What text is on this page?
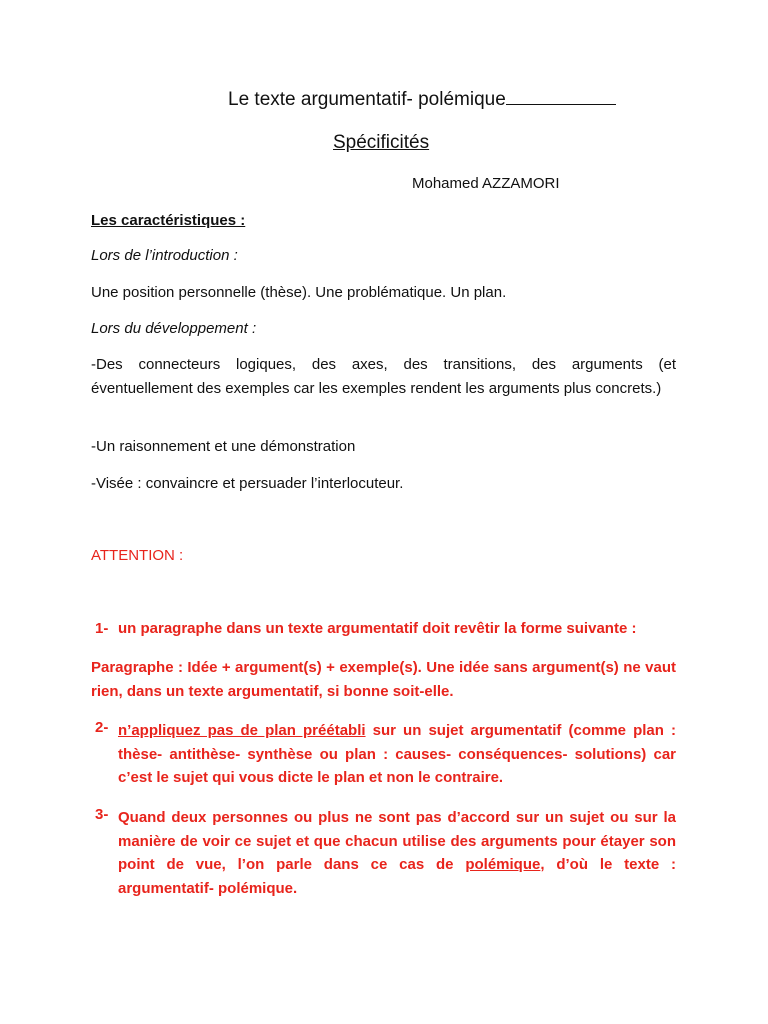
Le texte argumentatif- polémique
Spécificités
Mohamed AZZAMORI
Les caractéristiques :
Lors de l’introduction :
Une position personnelle (thèse). Une problématique. Un plan.
Lors du développement :
-Des connecteurs logiques, des axes, des transitions, des arguments (et éventuellement des exemples car les exemples rendent les arguments plus concrets.)
-Un raisonnement et une démonstration
-Visée : convaincre et persuader l’interlocuteur.
ATTENTION :
1- un paragraphe dans un texte argumentatif doit revêtir la forme suivante :
Paragraphe : Idée + argument(s) + exemple(s). Une idée sans argument(s) ne vaut rien, dans un texte argumentatif, si bonne soit-elle.
2- n’appliquez pas de plan préétabli sur un sujet argumentatif (comme plan : thèse- antithèse- synthèse ou plan : causes- conséquences- solutions) car c’est le sujet qui vous dicte le plan et non le contraire.
3- Quand deux personnes ou plus ne sont pas d’accord sur un sujet ou sur la manière de voir ce sujet et que chacun utilise des arguments pour étayer son point de vue, l’on parle dans ce cas de polémique, d’où le texte : argumentatif- polémique.
